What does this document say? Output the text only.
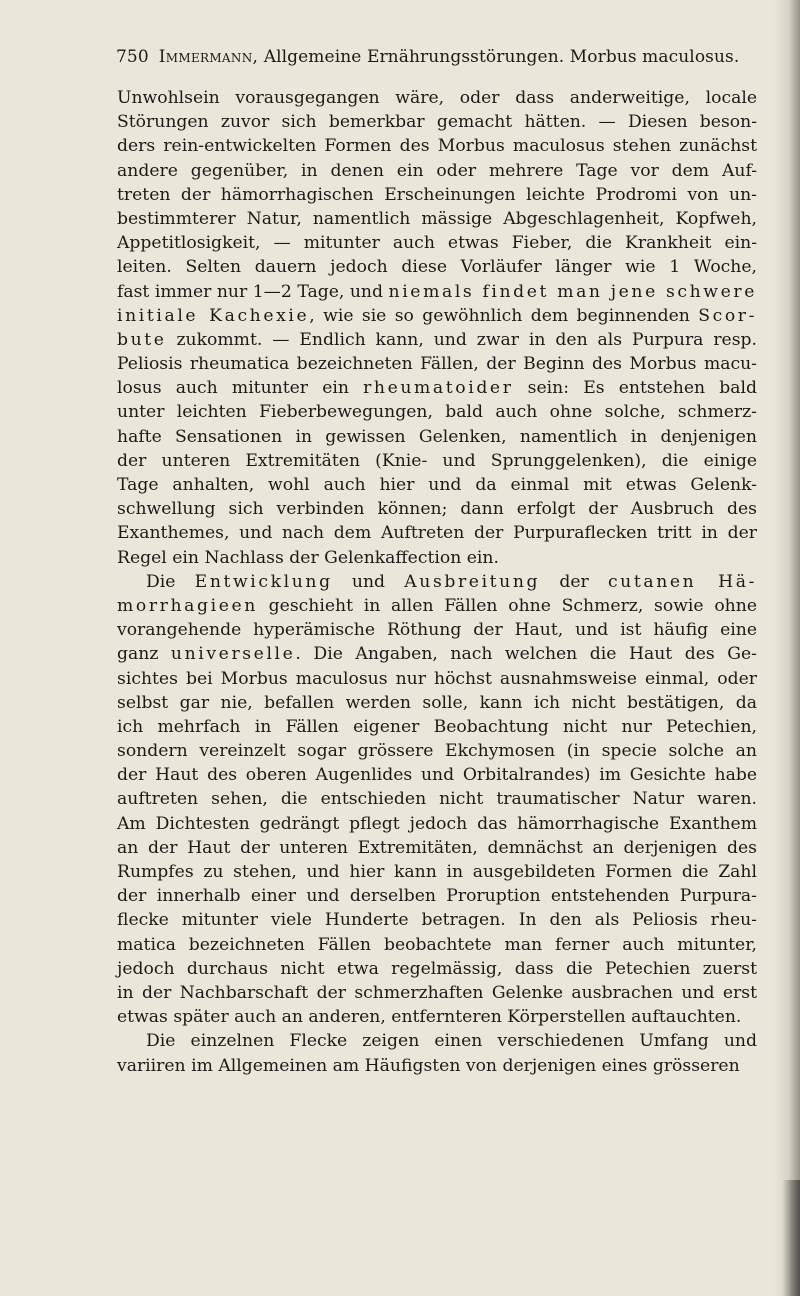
750 Immermann, Allgemeine Ernährungsstörungen. Morbus maculosus.
Unwohlsein vorausgegangen wäre, oder dass anderweitige, locale
Störungen zuvor sich bemerkbar gemacht hätten. — Diesen beson-
ders rein-entwickelten Formen des Morbus maculosus stehen zunächst
andere gegenüber, in denen ein oder mehrere Tage vor dem Auf-
treten der hämorrhagischen Erscheinungen leichte Prodromi von un-
bestimmterer Natur, namentlich mässige Abgeschlagenheit, Kopfweh,
Appetitlosigkeit, — mitunter auch etwas Fieber, die Krankheit ein-
leiten. Selten dauern jedoch diese Vorläufer länger wie 1 Woche,
fast immer nur 1—2 Tage, und niemals findet man jene schwere
initiale Kachexie, wie sie so gewöhnlich dem beginnenden Scor-
bute zukommt. — Endlich kann, und zwar in den als Purpura resp.
Peliosis rheumatica bezeichneten Fällen, der Beginn des Morbus macu-
losus auch mitunter ein rheumatoider sein: Es entstehen bald
unter leichten Fieberbewegungen, bald auch ohne solche, schmerz-
hafte Sensationen in gewissen Gelenken, namentlich in denjenigen
der unteren Extremitäten (Knie- und Sprunggelenken), die einige
Tage anhalten, wohl auch hier und da einmal mit etwas Gelenk-
schwellung sich verbinden können; dann erfolgt der Ausbruch des
Exanthemes, und nach dem Auftreten der Purpuraflecken tritt in der
Regel ein Nachlass der Gelenkaffection ein.
Die Entwicklung und Ausbreitung der cutanen Hä-
morrhagieen geschieht in allen Fällen ohne Schmerz, sowie ohne
vorangehende hyperämische Röthung der Haut, und ist häufig eine
ganz universelle. Die Angaben, nach welchen die Haut des Ge-
sichtes bei Morbus maculosus nur höchst ausnahmsweise einmal, oder
selbst gar nie, befallen werden solle, kann ich nicht bestätigen, da
ich mehrfach in Fällen eigener Beobachtung nicht nur Petechien,
sondern vereinzelt sogar grössere Ekchymosen (in specie solche an
der Haut des oberen Augenlides und Orbitalrandes) im Gesichte habe
auftreten sehen, die entschieden nicht traumatischer Natur waren.
Am Dichtesten gedrängt pflegt jedoch das hämorrhagische Exanthem
an der Haut der unteren Extremitäten, demnächst an derjenigen des
Rumpfes zu stehen, und hier kann in ausgebildeten Formen die Zahl
der innerhalb einer und derselben Proruption entstehenden Purpura-
flecke mitunter viele Hunderte betragen. In den als Peliosis rheu-
matica bezeichneten Fällen beobachtete man ferner auch mitunter,
jedoch durchaus nicht etwa regelmässig, dass die Petechien zuerst
in der Nachbarschaft der schmerzhaften Gelenke ausbrachen und erst
etwas später auch an anderen, entfernteren Körperstellen auftauchten.
Die einzelnen Flecke zeigen einen verschiedenen Umfang und
variiren im Allgemeinen am Häufigsten von derjenigen eines grösseren
